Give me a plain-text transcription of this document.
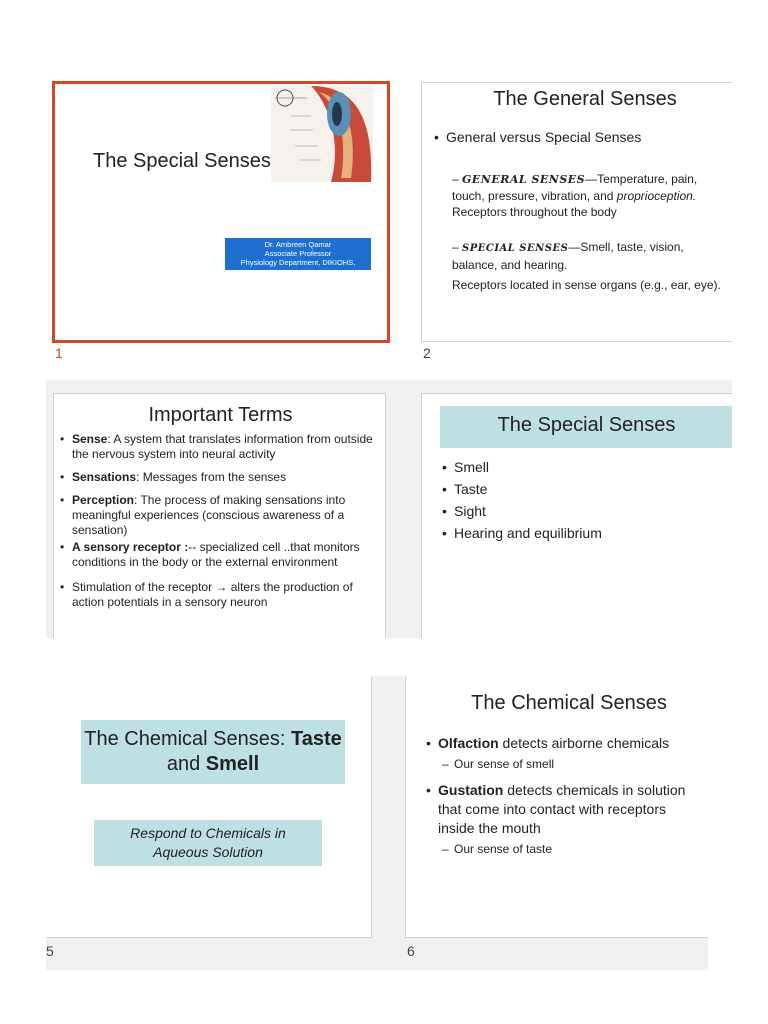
The Special Senses
Dr. Ambreen Qamar
Associate Professor
Physiology Department, DIKIOHS,
1
The General Senses
• General versus Special Senses
– GENERAL SENSES—Temperature, pain, touch, pressure, vibration, and proprioception.
Receptors throughout the body
– SPECIAL SENSES—Smell, taste, vision, balance, and hearing.

Receptors located in sense organs (e.g., ear, eye).
2
Important Terms
• Sense: A system that translates information from outside the nervous system into neural activity
• Sensations: Messages from the senses
• Perception: The process of making sensations into meaningful experiences (conscious awareness of a sensation)
• A sensory receptor :-- specialized cell ..that monitors conditions in the body or the external environment
• Stimulation of the receptor → alters the production of action potentials in a sensory neuron
The Special Senses
• Smell
• Taste
• Sight
• Hearing and equilibrium
The Chemical Senses: Taste
and Smell
Respond to Chemicals in Aqueous Solution
5
The Chemical Senses
• Olfaction detects airborne chemicals
– Our sense of smell
• Gustation detects chemicals in solution that come into contact with receptors inside the mouth
– Our sense of taste
6
